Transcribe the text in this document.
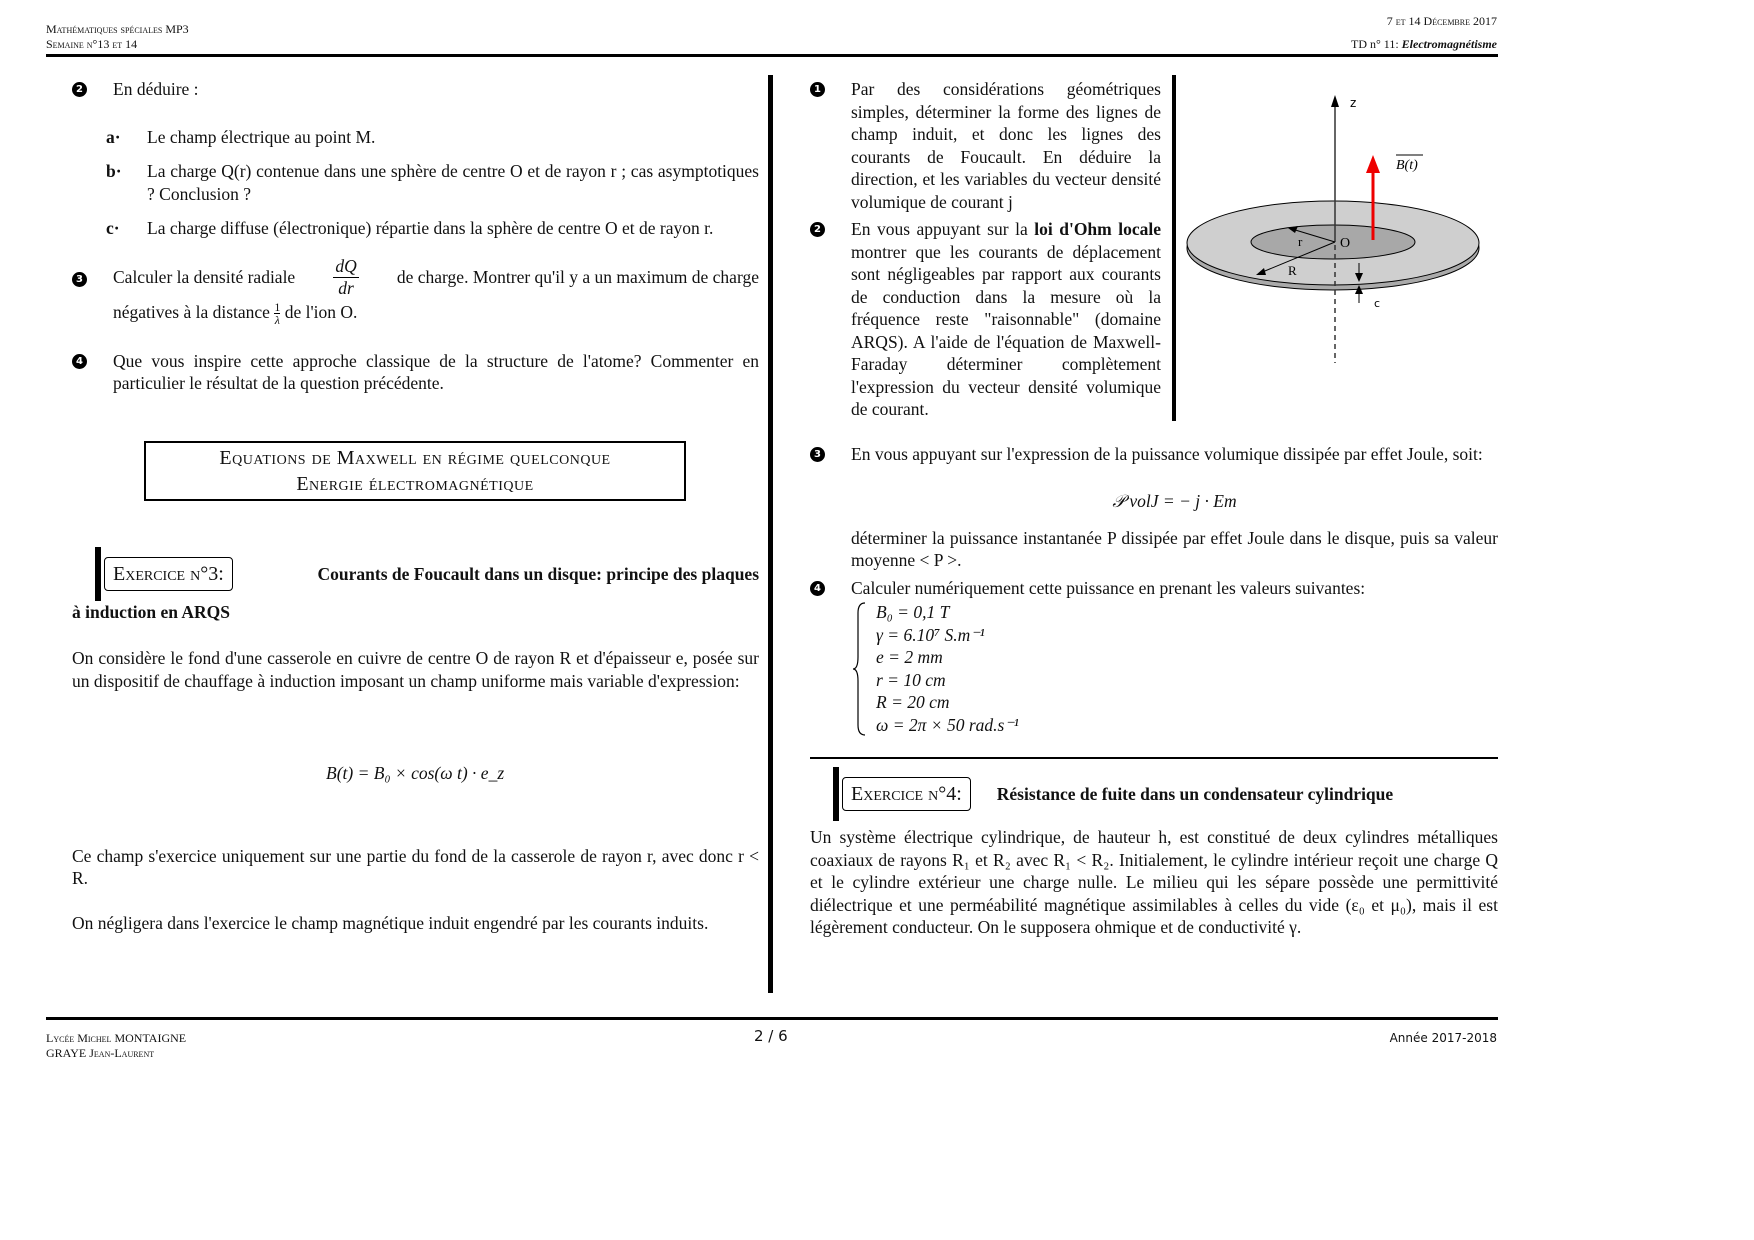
Mathématiques spéciales MP3
Semaine n°13 et 14
7 et 14 Décembre 2017
TD n° 11: Electromagnétisme
2 En déduire :
a· Le champ électrique au point M.
b· La charge Q(r) contenue dans une sphère de centre O et de rayon r ; cas asymptotiques ? Conclusion ?
c· La charge diffuse (électronique) répartie dans la sphère de centre O et de rayon r.
3 Calculer la densité radiale $\frac{dQ}{dr}$ de charge. Montrer qu'il y a un maximum de charge
négatives à la distance $\frac{1}{\lambda}$ de l'ion O.
4 Que vous inspire cette approche classique de la structure de l'atome? Commenter en particulier le résultat de la question précédente.
Equations de Maxwell en régime quelconque
Energie électromagnétique
Exercice n°3:	Courants de Foucault dans un disque: principe des plaques
à induction en ARQS
On considère le fond d'une casserole en cuivre de centre O de rayon R et d'épaisseur e, posée sur un dispositif de chauffage à induction imposant un champ uniforme mais variable d'expression:
B(t) = B₀ × cos(ω t) · e_z
Ce champ s'exercice uniquement sur une partie du fond de la casserole de rayon r, avec donc r < R.
On négligera dans l'exercice le champ magnétique induit engendré par les courants induits.
1 Par des considérations géométriques simples, déterminer la forme des lignes de champ induit, et donc les lignes des courants de Foucault. En déduire la direction, et les variables du vecteur densité volumique de courant j
2 En vous appuyant sur la loi d'Ohm locale montrer que les courants de déplacement sont négligeables par rapport aux courants de conduction dans la mesure où la fréquence reste "raisonnable" (domaine ARQS). A l'aide de l'équation de Maxwell-Faraday déterminer complètement l'expression du vecteur densité volumique de courant.
z
B(t)
r	O
R
c
3 En vous appuyant sur l'expression de la puissance volumique dissipée par effet Joule, soit:
𝒫 volJ = − j · Em
déterminer la puissance instantanée P dissipée par effet Joule dans le disque, puis sa valeur moyenne < P >.
4 Calculer numériquement cette puissance en prenant les valeurs suivantes:
B₀ = 0,1 T
γ = 6.10⁷ S.m⁻¹
e = 2 mm
r = 10 cm
R = 20 cm
ω = 2π × 50 rad.s⁻¹
Exercice n°4:	Résistance de fuite dans un condensateur cylindrique
Un système électrique cylindrique, de hauteur h, est constitué de deux cylindres métalliques coaxiaux de rayons R₁ et R₂ avec R₁ < R₂. Initialement, le cylindre intérieur reçoit une charge Q et le cylindre extérieur une charge nulle. Le milieu qui les sépare possède une permittivité diélectrique et une perméabilité magnétique assimilables à celles du vide (ε₀ et μ₀), mais il est légèrement conducteur. On le supposera ohmique et de conductivité γ.
Lycée Michel MONTAIGNE
GRAYE Jean-Laurent
2 / 6	Année 2017-2018
